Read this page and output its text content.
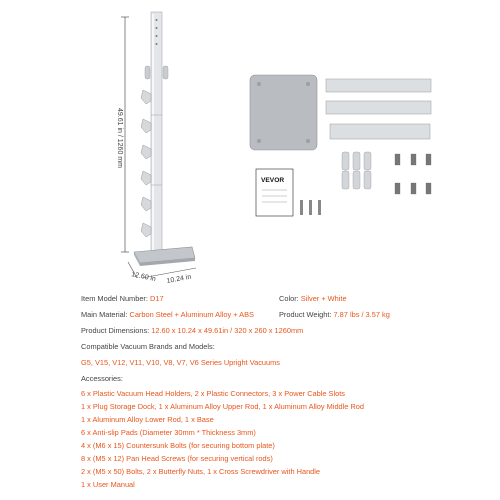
49.61 in / 1260 mm
12.60 in 10.24 in
VEVOR
Item Model Number: D17	Color: Silver + White
Main Material: Carbon Steel + Aluminum Alloy + ABS	Product Weight: 7.87 lbs / 3.57 kg
Product Dimensions: 12.60 x 10.24 x 49.61in / 320 x 260 x 1260mm
Compatible Vacuum Brands and Models:
G5, V15, V12, V11, V10, V8, V7, V6 Series Upright Vacuums
Accessories:
6 x Plastic Vacuum Head Holders, 2 x Plastic Connectors, 3 x Power Cable Slots
1 x Plug Storage Dock, 1 x Aluminum Alloy Upper Rod, 1 x Aluminum Alloy Middle Rod
1 x Aluminum Alloy Lower Rod, 1 x Base
6 x Anti-slip Pads (Diameter 30mm * Thickness 3mm)
4 x (M6 x 15) Countersunk Bolts (for securing bottom plate)
8 x (M5 x 12) Pan Head Screws (for securing vertical rods)
2 x (M5 x 50) Bolts, 2 x Butterfly Nuts, 1 x Cross Screwdriver with Handle
1 x User Manual
